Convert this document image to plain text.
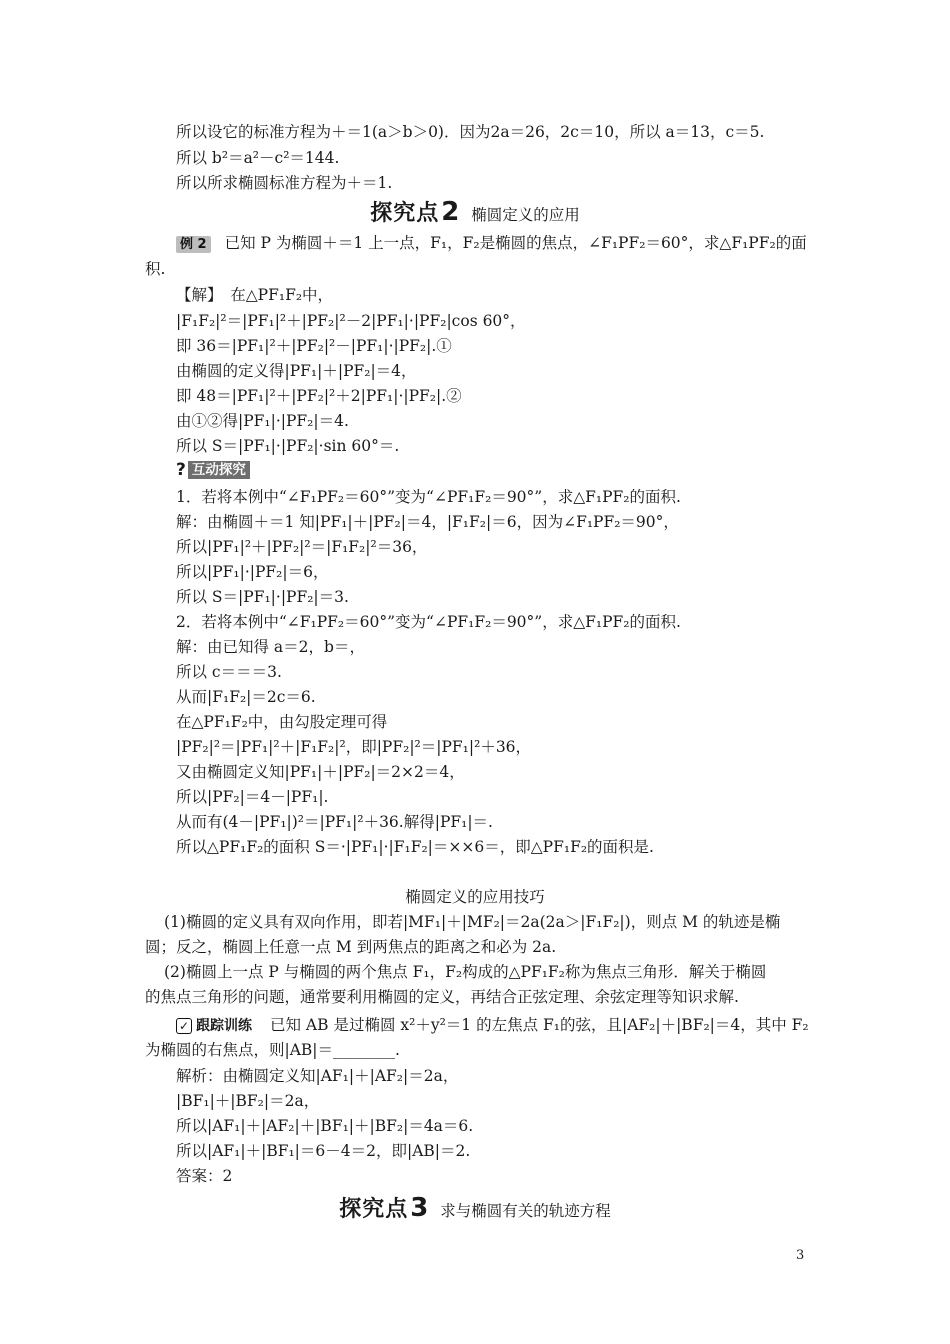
所以设它的标准方程为＋＝1(a＞b＞0)．因为2a＝26，2c＝10，所以 a＝13，c＝5.
所以 b²＝a²－c²＝144.
所以所求椭圆标准方程为＋＝1.
探究点2 椭圆定义的应用
例 2 已知 P 为椭圆＋＝1 上一点，F₁，F₂是椭圆的焦点，∠F₁PF₂＝60°，求△F₁PF₂的面
积.
【解】　在△PF₁F₂中，
|F₁F₂|²＝|PF₁|²＋|PF₂|²－2|PF₁|·|PF₂|cos 60°，
即 36＝|PF₁|²＋|PF₂|²－|PF₁|·|PF₂|.①
由椭圆的定义得|PF₁|＋|PF₂|＝4，
即 48＝|PF₁|²＋|PF₂|²＋2|PF₁|·|PF₂|.②
由①②得|PF₁|·|PF₂|＝4.
所以 S＝|PF₁|·|PF₂|·sin 60°＝.
? 互动探究
1．若将本例中“∠F₁PF₂＝60°”变为“∠PF₁F₂＝90°”，求△F₁PF₂的面积.
解：由椭圆＋＝1 知|PF₁|＋|PF₂|＝4，|F₁F₂|＝6，因为∠F₁PF₂＝90°，
所以|PF₁|²＋|PF₂|²＝|F₁F₂|²＝36，
所以|PF₁|·|PF₂|＝6，
所以 S＝|PF₁|·|PF₂|＝3.
2．若将本例中“∠F₁PF₂＝60°”变为“∠PF₁F₂＝90°”，求△F₁PF₂的面积.
解：由已知得 a＝2，b＝，
所以 c＝＝＝3.
从而|F₁F₂|＝2c＝6.
在△PF₁F₂中，由勾股定理可得
|PF₂|²＝|PF₁|²＋|F₁F₂|²，即|PF₂|²＝|PF₁|²＋36，
又由椭圆定义知|PF₁|＋|PF₂|＝2×2＝4，
所以|PF₂|＝4－|PF₁|.
从而有(4－|PF₁|)²＝|PF₁|²＋36.解得|PF₁|＝.
所以△PF₁F₂的面积 S＝·|PF₁|·|F₁F₂|＝××6＝，即△PF₁F₂的面积是.
椭圆定义的应用技巧
(1)椭圆的定义具有双向作用，即若|MF₁|＋|MF₂|＝2a(2a＞|F₁F₂|)，则点 M 的轨迹是椭
圆；反之，椭圆上任意一点 M 到两焦点的距离之和必为 2a.
(2)椭圆上一点 P 与椭圆的两个焦点 F₁，F₂构成的△PF₁F₂称为焦点三角形．解关于椭圆
的焦点三角形的问题，通常要利用椭圆的定义，再结合正弦定理、余弦定理等知识求解.
✓ 跟踪训练 已知 AB 是过椭圆 x²＋y²＝1 的左焦点 F₁的弦，且|AF₂|＋|BF₂|＝4，其中 F₂
为椭圆的右焦点，则|AB|＝________.
解析：由椭圆定义知|AF₁|＋|AF₂|＝2a，
|BF₁|＋|BF₂|＝2a，
所以|AF₁|＋|AF₂|＋|BF₁|＋|BF₂|＝4a＝6.
所以|AF₁|＋|BF₁|＝6－4＝2，即|AB|＝2.
答案：2
探究点3 求与椭圆有关的轨迹方程
3
